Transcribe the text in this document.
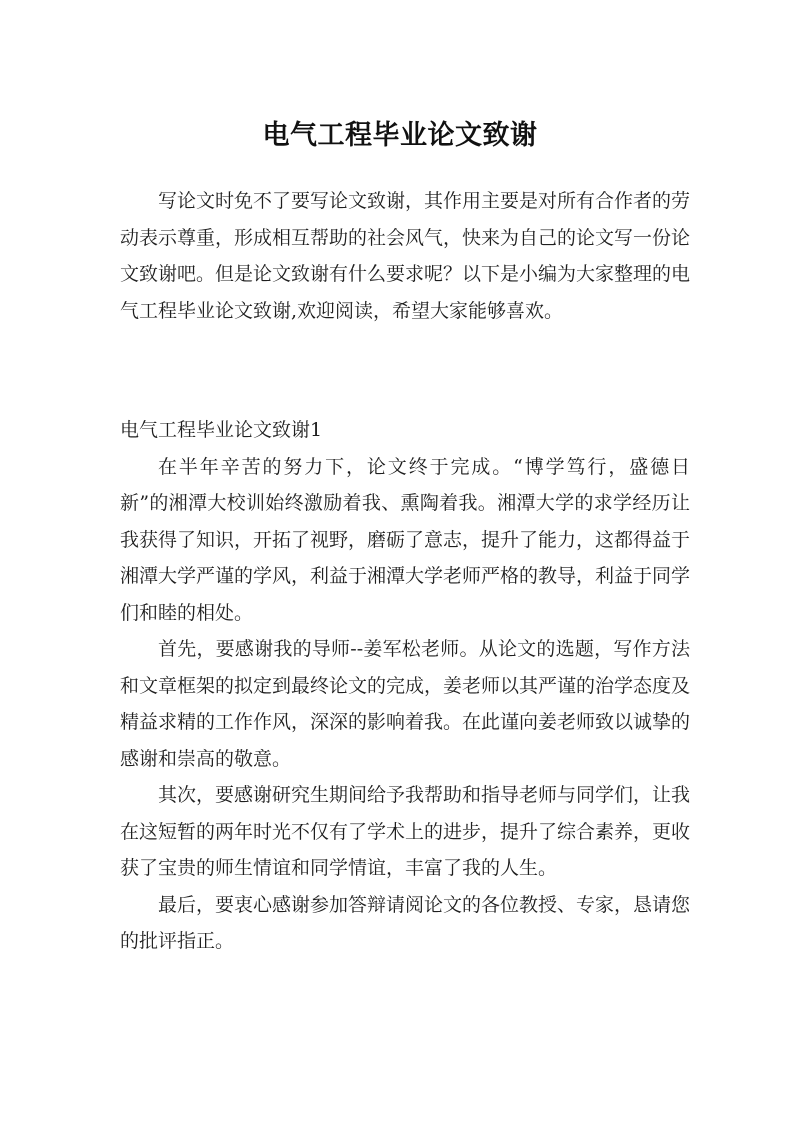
电气工程毕业论文致谢

写论文时免不了要写论文致谢，其作用主要是对所有合作者的劳动表示尊重，形成相互帮助的社会风气，快来为自己的论文写一份论文致谢吧。但是论文致谢有什么要求呢？以下是小编为大家整理的电气工程毕业论文致谢,欢迎阅读，希望大家能够喜欢。

电气工程毕业论文致谢1

在半年辛苦的努力下，论文终于完成。“博学笃行，盛德日新”的湘潭大校训始终激励着我、熏陶着我。湘潭大学的求学经历让我获得了知识，开拓了视野，磨砺了意志，提升了能力，这都得益于湘潭大学严谨的学风，利益于湘潭大学老师严格的教导，利益于同学们和睦的相处。

首先，要感谢我的导师--姜军松老师。从论文的选题，写作方法和文章框架的拟定到最终论文的完成，姜老师以其严谨的治学态度及精益求精的工作作风，深深的影响着我。在此谨向姜老师致以诚挚的感谢和崇高的敬意。

其次，要感谢研究生期间给予我帮助和指导老师与同学们，让我在这短暂的两年时光不仅有了学术上的进步，提升了综合素养，更收获了宝贵的师生情谊和同学情谊，丰富了我的人生。

最后，要衷心感谢参加答辩请阅论文的各位教授、专家，恳请您的批评指正。
